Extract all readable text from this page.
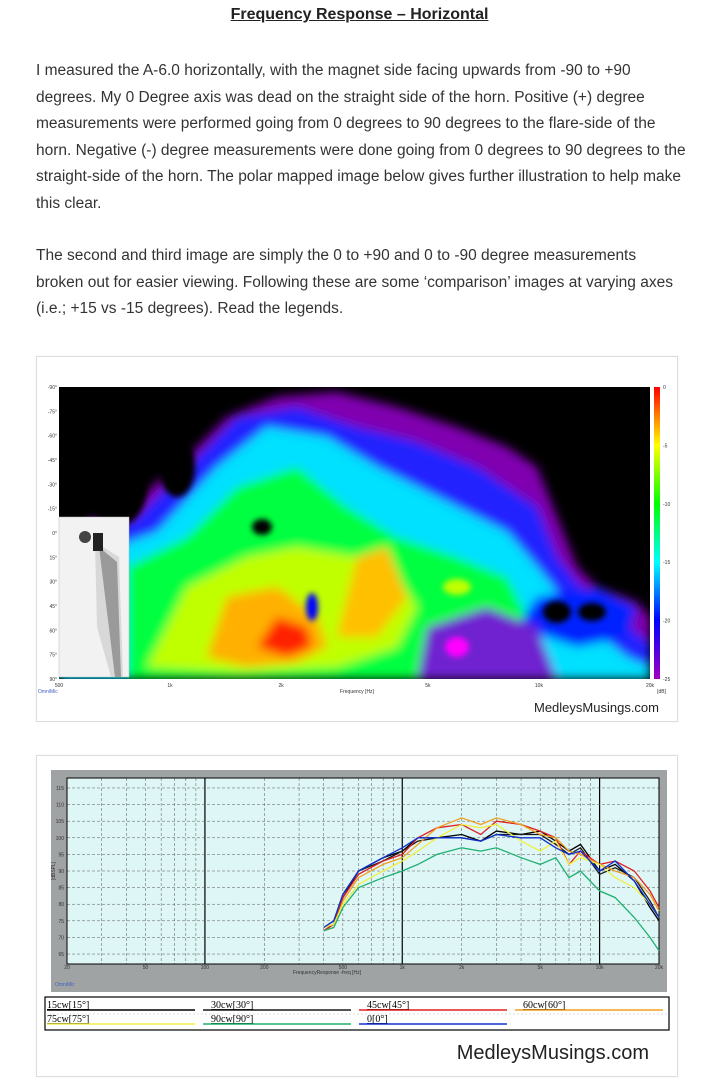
Frequency Response – Horizontal

I measured the A-6.0 horizontally, with the magnet side facing upwards from -90 to +90 degrees. My 0 Degree axis was dead on the straight side of the horn. Positive (+) degree measurements were performed going from 0 degrees to 90 degrees to the flare-side of the horn. Negative (-) degree measurements were done going from 0 degrees to 90 degrees to the straight-side of the horn. The polar mapped image below gives further illustration to help make this clear.

The second and third image are simply the 0 to +90 and 0 to -90 degree measurements broken out for easier viewing. Following these are some ‘comparison’ images at varying axes (i.e.; +15 vs -15 degrees). Read the legends.

-90°
-75°
-60°
-45°
-30°
-15°
0°
15°
30°
45°
60°
75°
90°
500	1k	2k	5k	10k	20k
0
-5
-10
-15
-20
-25
Frequency [Hz]
OmniMic	[dB]
MedleysMusings.com
115
110
105
100
95
90
85
80
75
70
65
20	50	100	200	500	1k	2k	5k	10k	20k
FrequencyResponse -freq [Hz]
[dBSPL]
OmniMic
15cw[15°]	30cw[30°]	45cw[45°]	60cw[60°]
75cw[75°]	90cw[90°]	0[0°]
MedleysMusings.com
